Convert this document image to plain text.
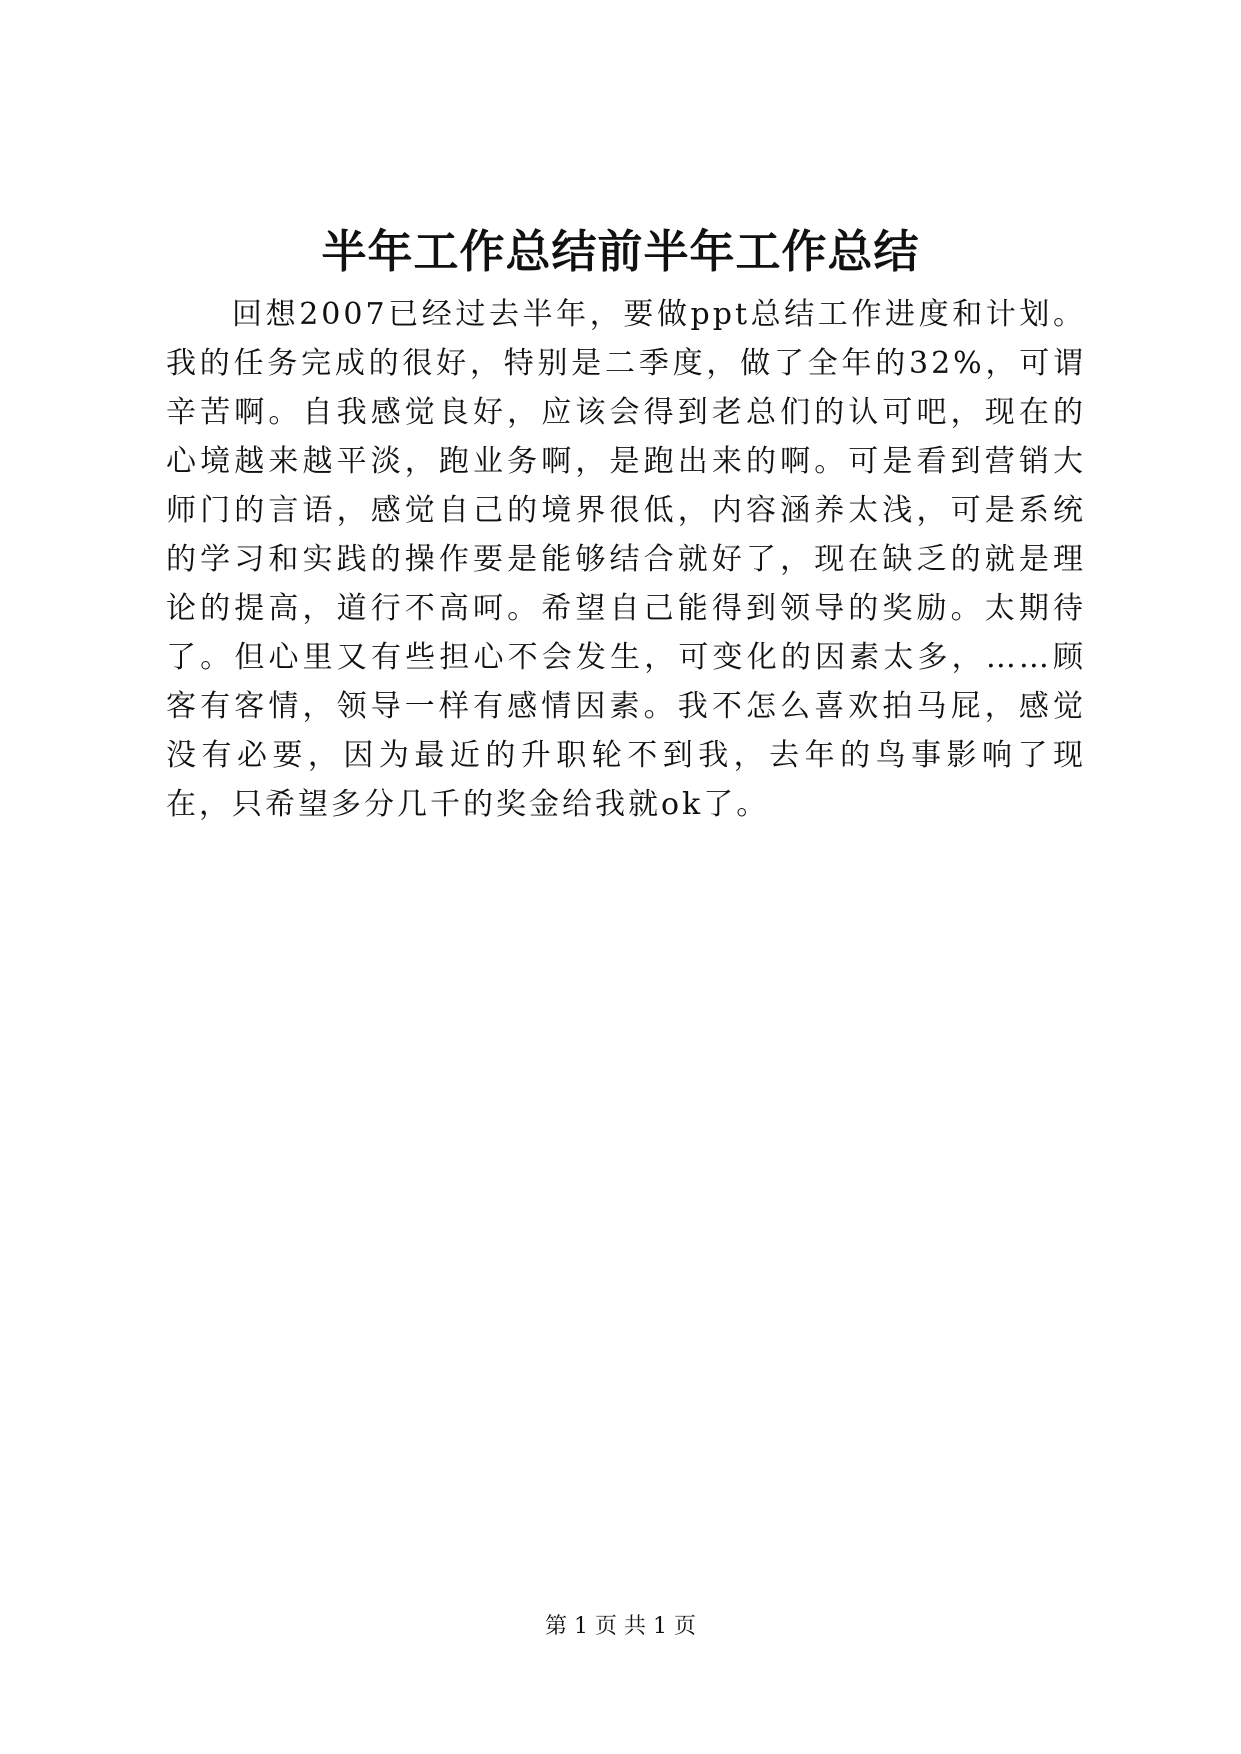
半年工作总结前半年工作总结

回想2007已经过去半年，要做ppt总结工作进度和计划。我的任务完成的很好，特别是二季度，做了全年的32%，可谓辛苦啊。自我感觉良好，应该会得到老总们的认可吧，现在的心境越来越平淡，跑业务啊，是跑出来的啊。可是看到营销大师门的言语，感觉自己的境界很低，内容涵养太浅，可是系统的学习和实践的操作要是能够结合就好了，现在缺乏的就是理论的提高，道行不高呵。希望自己能得到领导的奖励。太期待了。但心里又有些担心不会发生，可变化的因素太多，……顾客有客情，领导一样有感情因素。我不怎么喜欢拍马屁，感觉没有必要，因为最近的升职轮不到我，去年的鸟事影响了现在，只希望多分几千的奖金给我就ok了。

第 1 页 共 1 页
